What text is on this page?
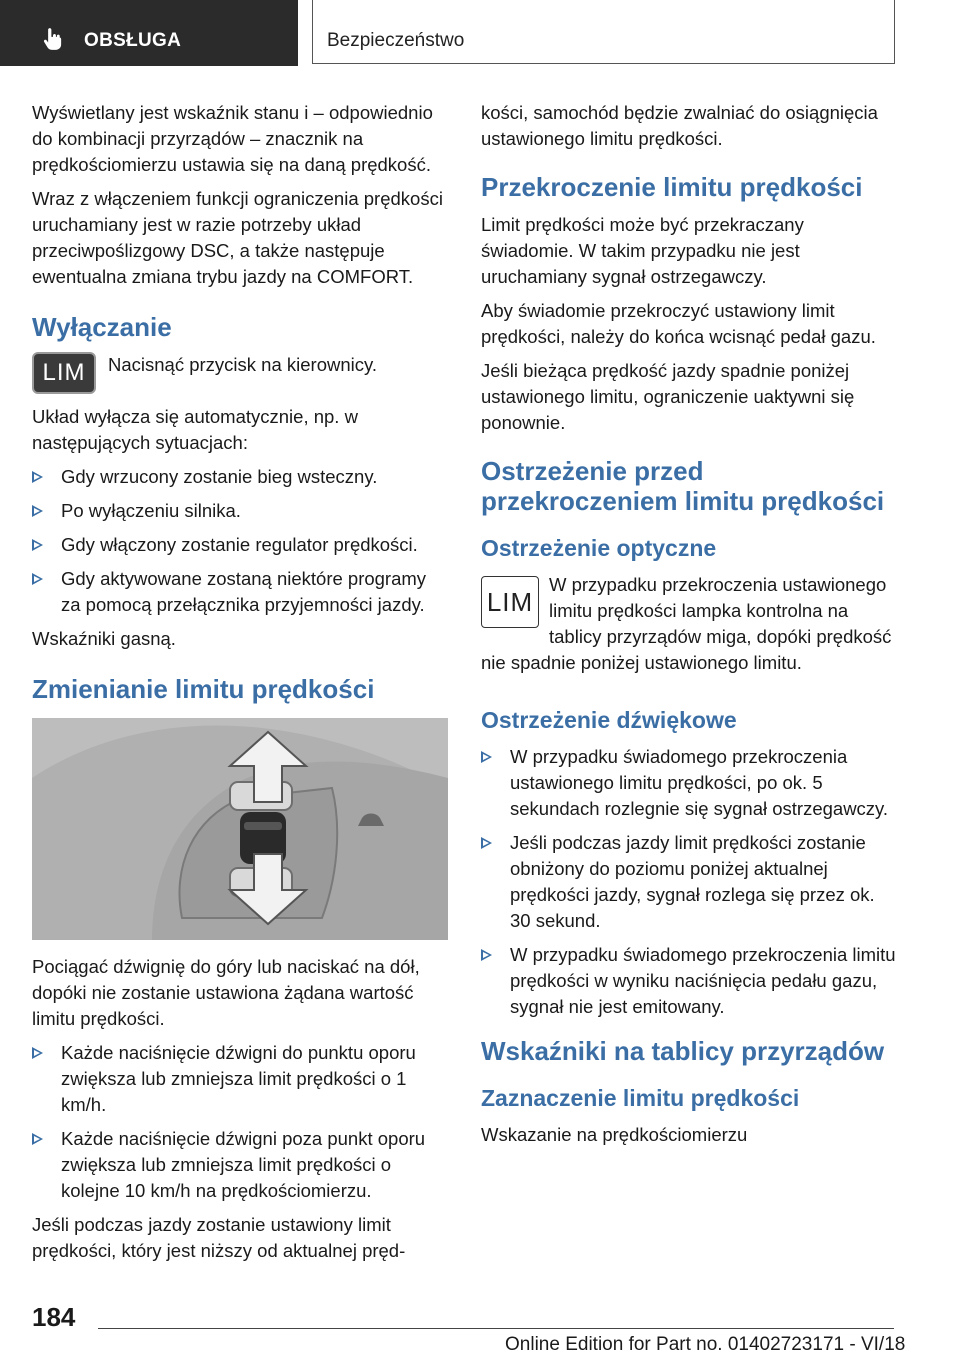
OBSŁUGA	Bezpieczeństwo

Wyświetlany jest wskaźnik stanu i – odpowiednio do kombinacji przyrządów – znacznik na prędkościomierzu ustawia się na daną prędkość.

Wraz z włączeniem funkcji ograniczenia prędkości uruchamiany jest w razie potrzeby układ przeciwpoślizgowy DSC, a także następuje ewentualna zmiana trybu jazdy na COMFORT.

Wyłączanie
LIM	Nacisnąć przycisk na kierownicy.

Układ wyłącza się automatycznie, np. w następujących sytuacjach:

Gdy wrzucony zostanie bieg wsteczny.
Po wyłączeniu silnika.
Gdy włączony zostanie regulator prędkości.
Gdy aktywowane zostaną niektóre programy za pomocą przełącznika przyjemności jazdy.

Wskaźniki gasną.

Zmienianie limitu prędkości

Pociągać dźwignię do góry lub naciskać na dół, dopóki nie zostanie ustawiona żądana wartość limitu prędkości.

Każde naciśnięcie dźwigni do punktu oporu zwiększa lub zmniejsza limit prędkości o 1 km/h.
Każde naciśnięcie dźwigni poza punkt oporu zwiększa lub zmniejsza limit prędkości o kolejne 10 km/h na prędkościomierzu.

Jeśli podczas jazdy zostanie ustawiony limit prędkości, który jest niższy od aktualnej pręd-

kości, samochód będzie zwalniać do osiągnięcia ustawionego limitu prędkości.

Przekroczenie limitu prędkości

Limit prędkości może być przekraczany świadomie. W takim przypadku nie jest uruchamiany sygnał ostrzegawczy.

Aby świadomie przekroczyć ustawiony limit prędkości, należy do końca wcisnąć pedał gazu.

Jeśli bieżąca prędkość jazdy spadnie poniżej ustawionego limitu, ograniczenie uaktywni się ponownie.

Ostrzeżenie przed przekroczeniem limitu prędkości
Ostrzeżenie optyczne
LIM

W przypadku przekroczenia ustawionego limitu prędkości lampka kontrolna na tablicy przyrządów miga, dopóki prędkość nie spadnie poniżej ustawionego limitu.

Ostrzeżenie dźwiękowe
W przypadku świadomego przekroczenia ustawionego limitu prędkości, po ok. 5 sekundach rozlegnie się sygnał ostrzegawczy.
Jeśli podczas jazdy limit prędkości zostanie obniżony do poziomu poniżej aktualnej prędkości jazdy, sygnał rozlega się przez ok. 30 sekund.
W przypadku świadomego przekroczenia limitu prędkości w wyniku naciśnięcia pedału gazu, sygnał nie jest emitowany.
Wskaźniki na tablicy przyrządów
Zaznaczenie limitu prędkości

Wskazanie na prędkościomierzu

184
Online Edition for Part no. 01402723171 - VI/18
